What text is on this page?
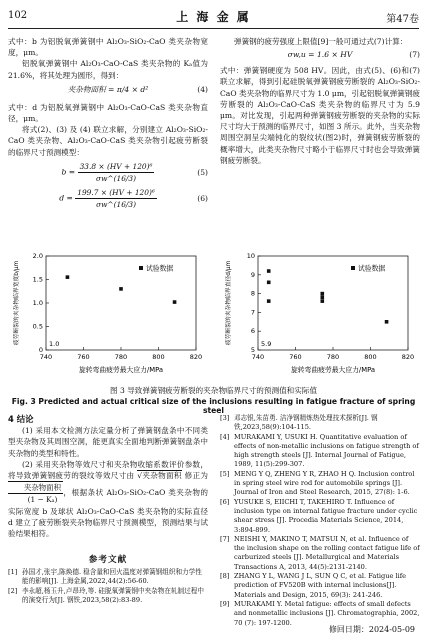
102	上 海 金 属	第47卷

式中：b 为铝脱氧弹簧钢中 Al₂O₃-SiO₂-CaO 类夹杂物宽度，μm。

铝脱氧弹簧钢中 Al₂O₃-CaO-CaS 类夹杂物的 Kₐ值为 21.6%，将其处理为圆形，得到：

夹杂物面积 = π/4 × d²	(4)

式中：d 为铝脱氧弹簧钢中 Al₂O₃-CaO-CaS 类夹杂物直径，μm。

将式(2)、(3) 及 (4) 联立求解，分别建立 Al₂O₃-SiO₂-CaO 类夹杂物、Al₂O₃-CaO-CaS 类夹杂物引起疲劳断裂的临界尺寸预测模型：

$b = \frac{\text{33.8 × (HV + 120)⁶}}{\sigma w\^{}(16/3)}$	(5)
$d = \frac{\text{199.7 × (HV + 120)⁶}}{\sigma w\^{}(16/3)}$	(6)

弹簧钢的疲劳强度上限值[9]一般可通过式(7)计算：

σw,u = 1.6 × HV	(7)

式中：弹簧钢硬度为 508 HV。因此，由式(5)、(6)和(7)联立求解，得到引起硅脱氧弹簧钢疲劳断裂的 Al₂O₃-SiO₂-CaO 类夹杂物的临界尺寸为 1.0 μm，引起铝脱氧弹簧钢疲劳断裂的 Al₂O₃-CaO-CaS 类夹杂物的临界尺寸为 5.9 μm。对比发现，引起两种弹簧钢疲劳断裂的夹杂物的实际尺寸均大于预测的临界尺寸，如图 3 所示。此外，当夹杂物周围空洞呈尖端钝化的裂纹状(图2)时，弹簧钢疲劳断裂的概率增大，此类夹杂物尺寸略小于临界尺寸时也会导致弹簧钢疲劳断裂。

740	760	780	800	820
0
0.5
1.0
1.5
2.0
旋转弯曲疲劳最大应力/MPa
疲劳断裂的夹杂物临界宽度b/μm	1.0
试验数据
740	760	780	800	820
5
6
7
8
9
10
旋转弯曲疲劳最大应力/MPa
疲劳断裂的夹杂物临界直径d/μm	5.9
试验数据
图 3 导致弹簧钢疲劳断裂的夹杂物临界尺寸的预测值和实际值
Fig. 3 Predicted and actual critical size of the inclusions resulting in fatigue fracture of spring steel
4 结论

(1) 采用本文检测方法定量分析了弹簧钢盘条中不同类型夹杂物及其周围空洞，能更真实全面地判断弹簧钢盘条中夹杂物的类型和特性。

(2) 采用夹杂物等效尺寸和夹杂物收缩系数评价参数，将导致弹簧钢疲劳的裂纹等效尺寸由 √夹杂物面积 修正为
$\frac{\text{夹杂物面积}}{\text{(1 − Kₐ)}}$ ，根据条状 Al₂O₃-SiO₂-CaO 类夹杂物的实际宽度 b 及球状 Al₂O₃-CaO-CaS 类夹杂物的实际直径 d 建立了疲劳断裂夹杂物临界尺寸预测模型，预测结果与试验结果相符。

参考文献
[1] 孙国才,张宇,陈焕德. 稳含量和回火温度对弹簧钢组织和力学性能的影响[J]. 上海金属,2022,44(2):56-60.
[2] 李永超,杨玉升,卢昂玲,等. 硅脱氧弹簧钢中夹杂物在轧制过程中的演变行为[J]. 钢铁,2023,58(2):83-89.
[3] 邓志银,朱苗勇. 洁净钢精炼热处理技术探析[J]. 钢铁,2023,58(9):104-115.
[4] MURAKAMI Y, USUKI H. Quantitative evaluation of effects of non-metallic inclusions on fatigue strength of high strength steels [J]. Internal Journal of Fatigue, 1989, 11(5):299-307.
[5] MENG Y Q, ZHENG Y R, ZHAO H Q. Inclusion control in spring steel wire rod for automobile springs [J]. Journal of Iron and Steel Research, 2015, 27(8): 1-6.
[6] YUSUKE S, EIICHI T, TAKEHIRO T. Influence of inclusion type on internal fatigue fracture under cyclic shear stress [J]. Procedia Materials Science, 2014, 3:894-899.
[7] NEISHI Y, MAKINO T, MATSUI N, et al. Influence of the inclusion shape on the rolling contact fatigue life of carburized steels [J]. Metallurgical and Materials Transactions A, 2013, 44(5):2131-2140.
[8] ZHANG Y L, WANG J L, SUN Q C, et al. Fatigue life prediction of FV520B with internal inclusions[J]. Materials and Design, 2015, 69(3): 241-246.
[9] MURAKAMI Y. Metal fatigue: effects of small defects and nonmetallic inclusions [J]. Chromatographia, 2002, 70 (7): 197-1200.
修回日期：2024-05-09
